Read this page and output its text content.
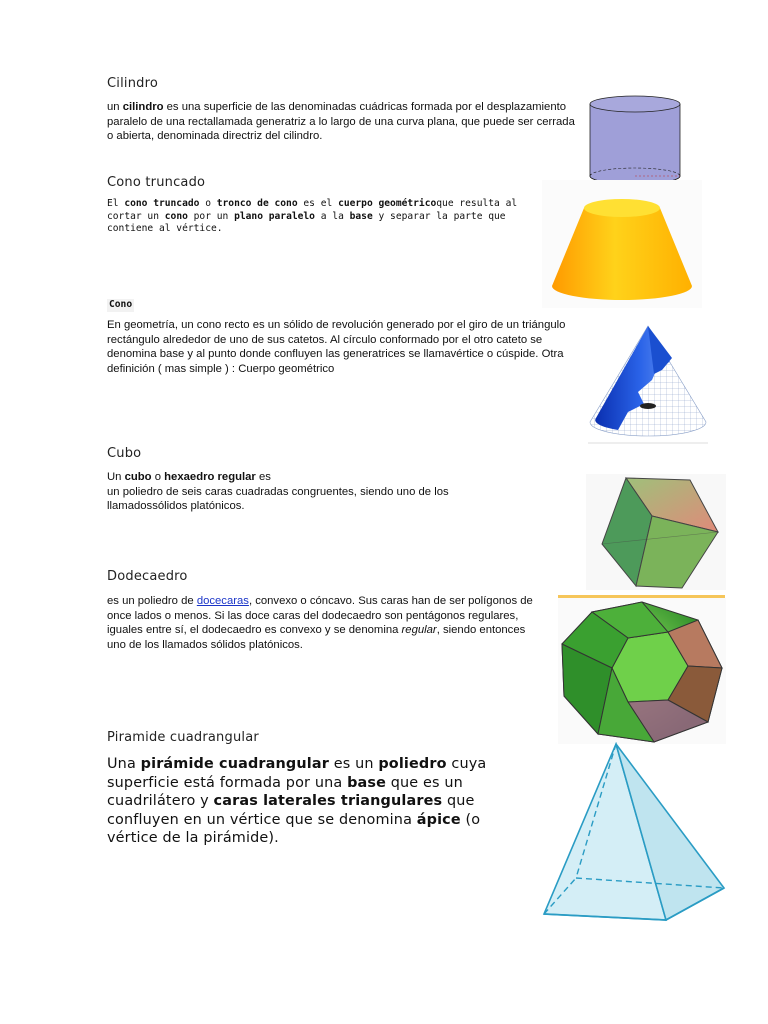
Cilindro
un cilindro es una superficie de las denominadas cuádricas formada por el desplazamiento paralelo de una rectallamada generatriz a lo largo de una curva plana, que puede ser cerrada o abierta, denominada directriz del cilindro.
Cono truncado
El cono truncado o tronco de cono es el cuerpo geométricoque resulta al cortar un cono por un plano paralelo a la base y separar la parte que contiene al vértice.
Cono
En geometría, un cono recto es un sólido de revolución generado por el giro de un triángulo rectángulo alrededor de uno de sus catetos. Al círculo conformado por el otro cateto se denomina base y al punto donde confluyen las generatrices se llamavértice o cúspide. Otra definición ( mas simple ) : Cuerpo geométrico
Cubo
Un cubo o hexaedro regular es
un poliedro de seis caras cuadradas congruentes, siendo uno de los llamadossólidos platónicos.
Dodecaedro
es un poliedro de docecaras, convexo o cóncavo. Sus caras han de ser polígonos de once lados o menos. Si las doce caras del dodecaedro son pentágonos regulares, iguales entre sí, el dodecaedro es convexo y se denomina regular, siendo entonces uno de los llamados sólidos platónicos.
Piramide cuadrangular
Una pirámide cuadrangular es un poliedro cuya superficie está formada por una base que es un cuadrilátero y caras laterales triangulares que confluyen en un vértice que se denomina ápice (o vértice de la pirámide).
